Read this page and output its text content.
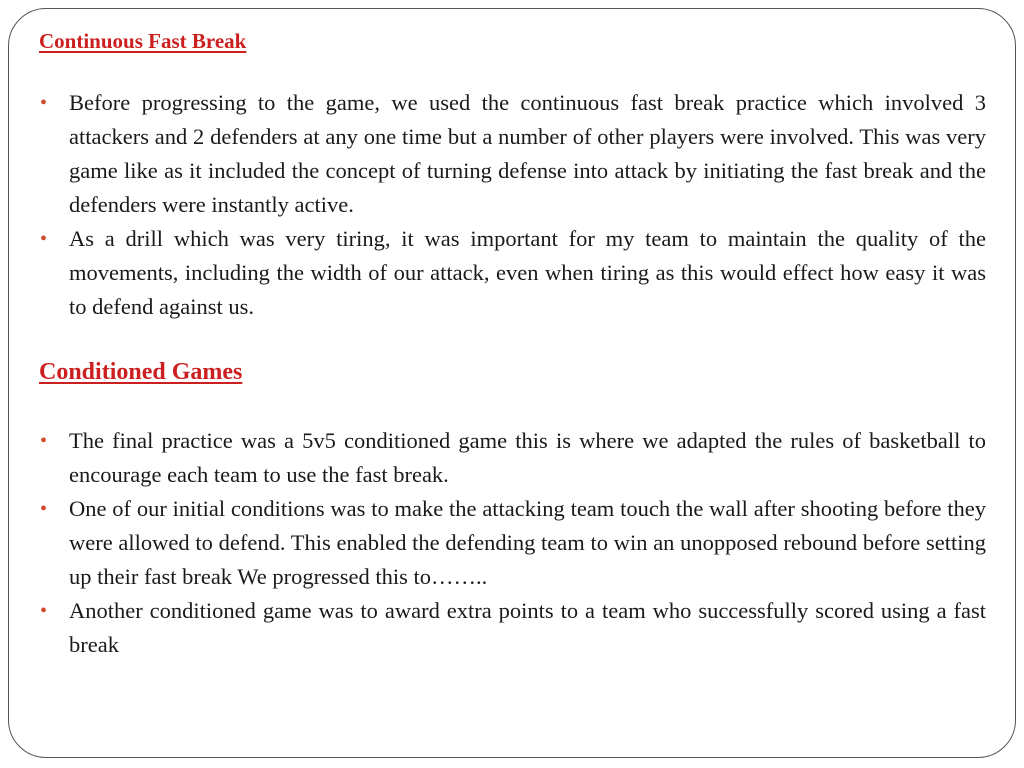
Continuous Fast Break
• Before progressing to the game, we used the continuous fast break practice which involved 3 attackers and 2 defenders at any one time but a number of other players were involved. This was very game like as it included the concept of turning defense into attack by initiating the fast break and the defenders were instantly active.
• As a drill which was very tiring, it was important for my team to maintain the quality of the movements, including the width of our attack, even when tiring as this would effect how easy it was to defend against us.
Conditioned Games
• The final practice was a 5v5 conditioned game this is where we adapted the rules of basketball to encourage each team to use the fast break.
• One of our initial conditions was to make the attacking team touch the wall after shooting before they were allowed to defend. This enabled the defending team to win an unopposed rebound before setting up their fast break We progressed this to……..
• Another conditioned game was to award extra points to a team who successfully scored using a fast break
